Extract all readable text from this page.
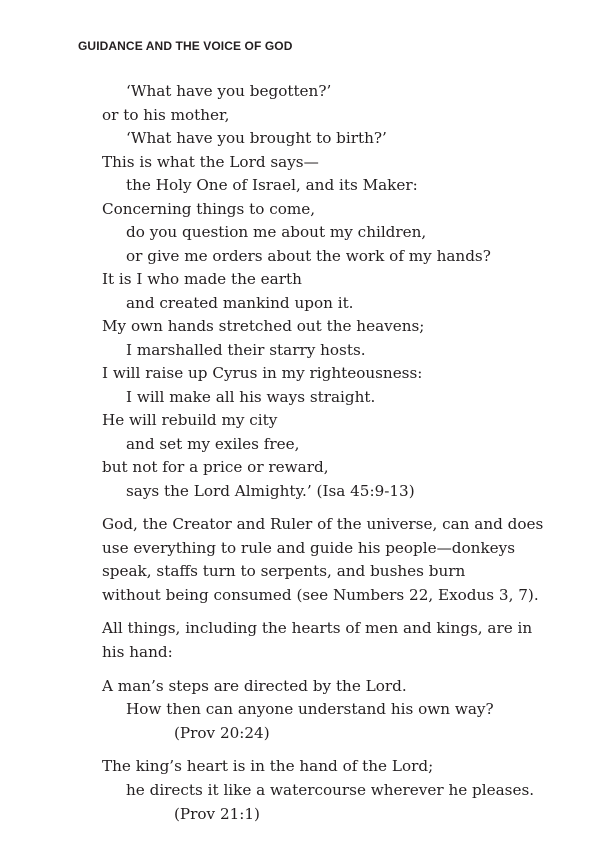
GUIDANCE AND THE VOICE OF GOD
‘What have you begotten?’
or to his mother,
‘What have you brought to birth?’
This is what the Lord says—
the Holy One of Israel, and its Maker:
Concerning things to come,
do you question me about my children,
or give me orders about the work of my hands?
It is I who made the earth
and created mankind upon it.
My own hands stretched out the heavens;
I marshalled their starry hosts.
I will raise up Cyrus in my righteousness:
I will make all his ways straight.
He will rebuild my city
and set my exiles free,
but not for a price or reward,
says the Lord Almighty.’ (Isa 45:9-13)
God, the Creator and Ruler of the universe, can and does
use everything to rule and guide his people—donkeys
speak, staffs turn to serpents, and bushes burn
without being consumed (see Numbers 22, Exodus 3, 7).
All things, including the hearts of men and kings, are in
his hand:
A man’s steps are directed by the Lord.
How then can anyone understand his own way?
(Prov 20:24)
The king’s heart is in the hand of the Lord;
he directs it like a watercourse wherever he pleases.
(Prov 21:1)
